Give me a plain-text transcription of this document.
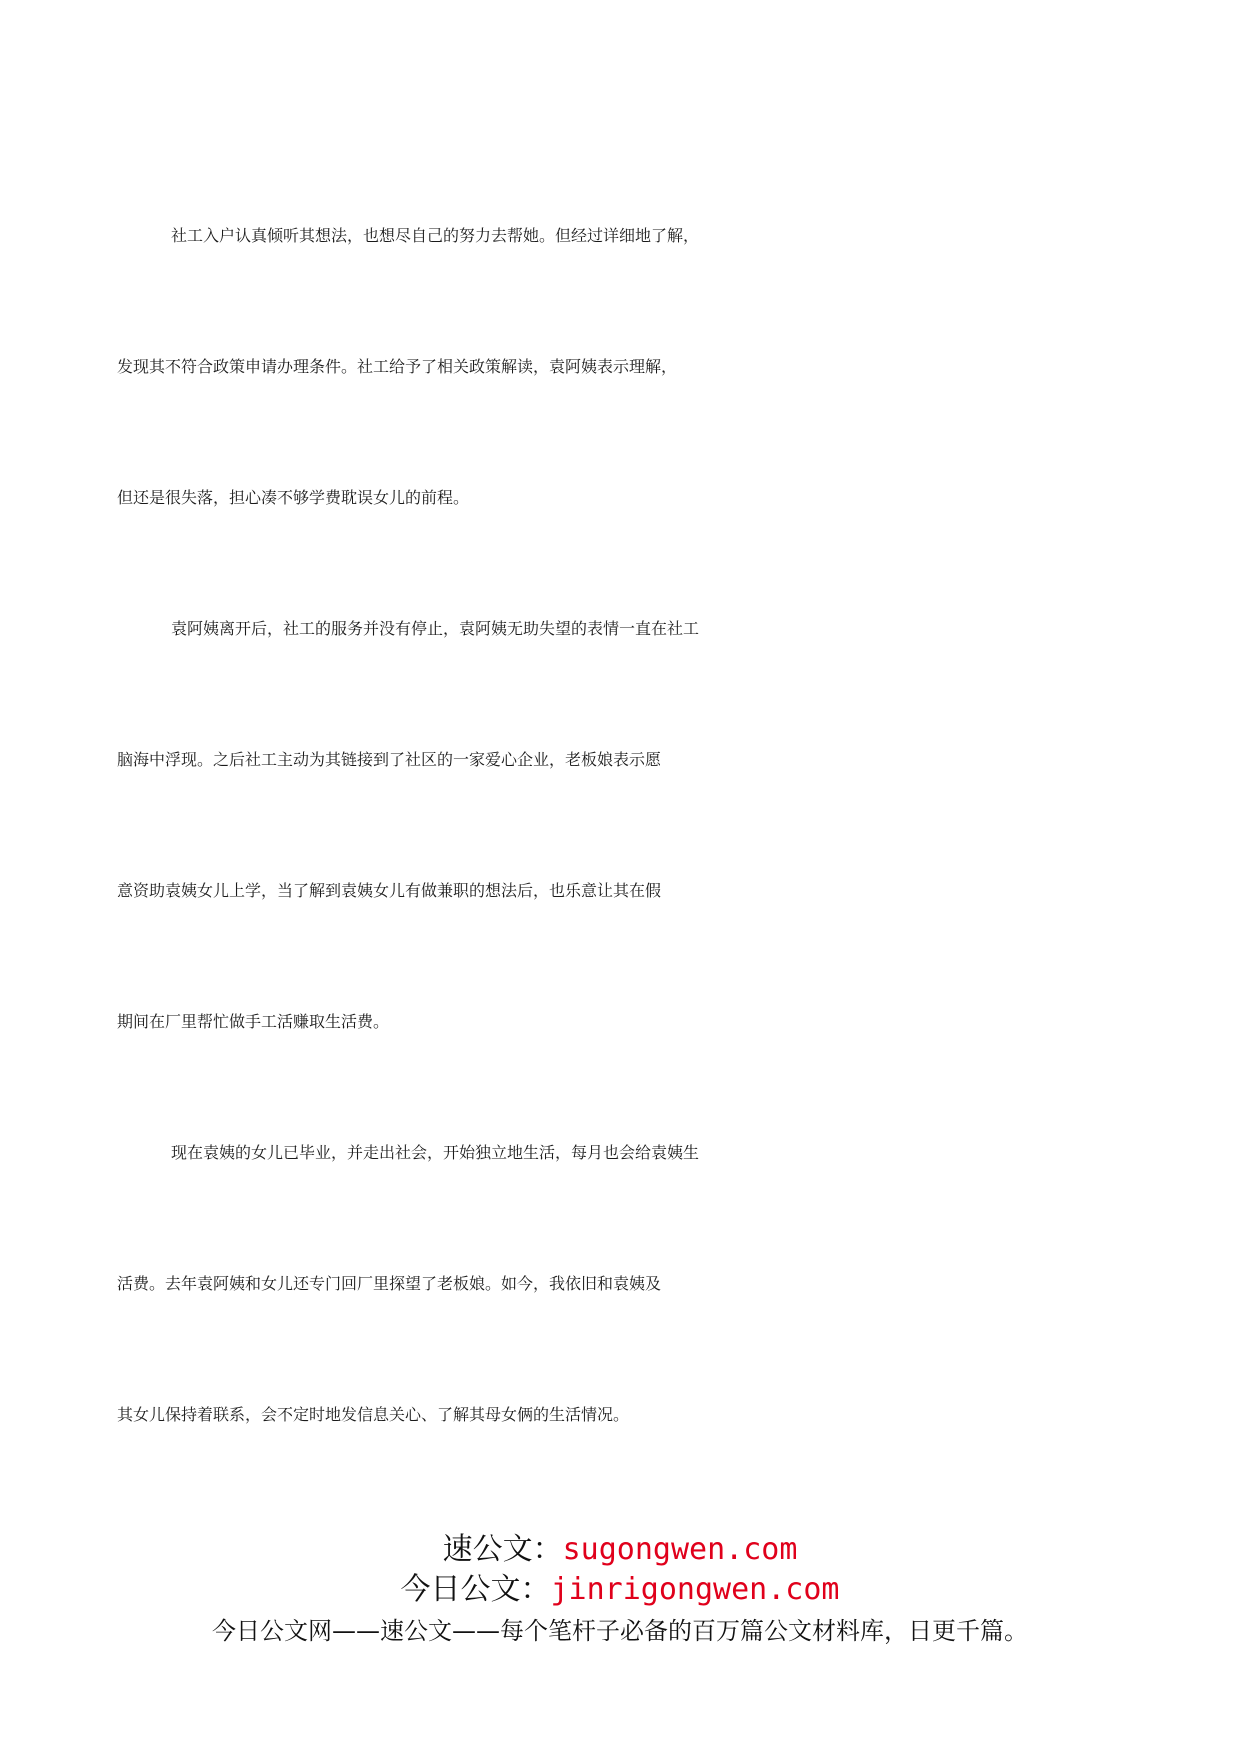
社工入户认真倾听其想法，也想尽自己的努力去帮她。但经过详细地了解，
发现其不符合政策申请办理条件。社工给予了相关政策解读，袁阿姨表示理解，
但还是很失落，担心凑不够学费耽误女儿的前程。
袁阿姨离开后，社工的服务并没有停止，袁阿姨无助失望的表情一直在社工
脑海中浮现。之后社工主动为其链接到了社区的一家爱心企业，老板娘表示愿
意资助袁姨女儿上学，当了解到袁姨女儿有做兼职的想法后，也乐意让其在假
期间在厂里帮忙做手工活赚取生活费。
现在袁姨的女儿已毕业，并走出社会，开始独立地生活，每月也会给袁姨生
活费。去年袁阿姨和女儿还专门回厂里探望了老板娘。如今，我依旧和袁姨及
其女儿保持着联系，会不定时地发信息关心、了解其母女俩的生活情况。
速公文：sugongwen.com
今日公文：jinrigongwen.com
今日公文网——速公文——每个笔杆子必备的百万篇公文材料库，日更千篇。
